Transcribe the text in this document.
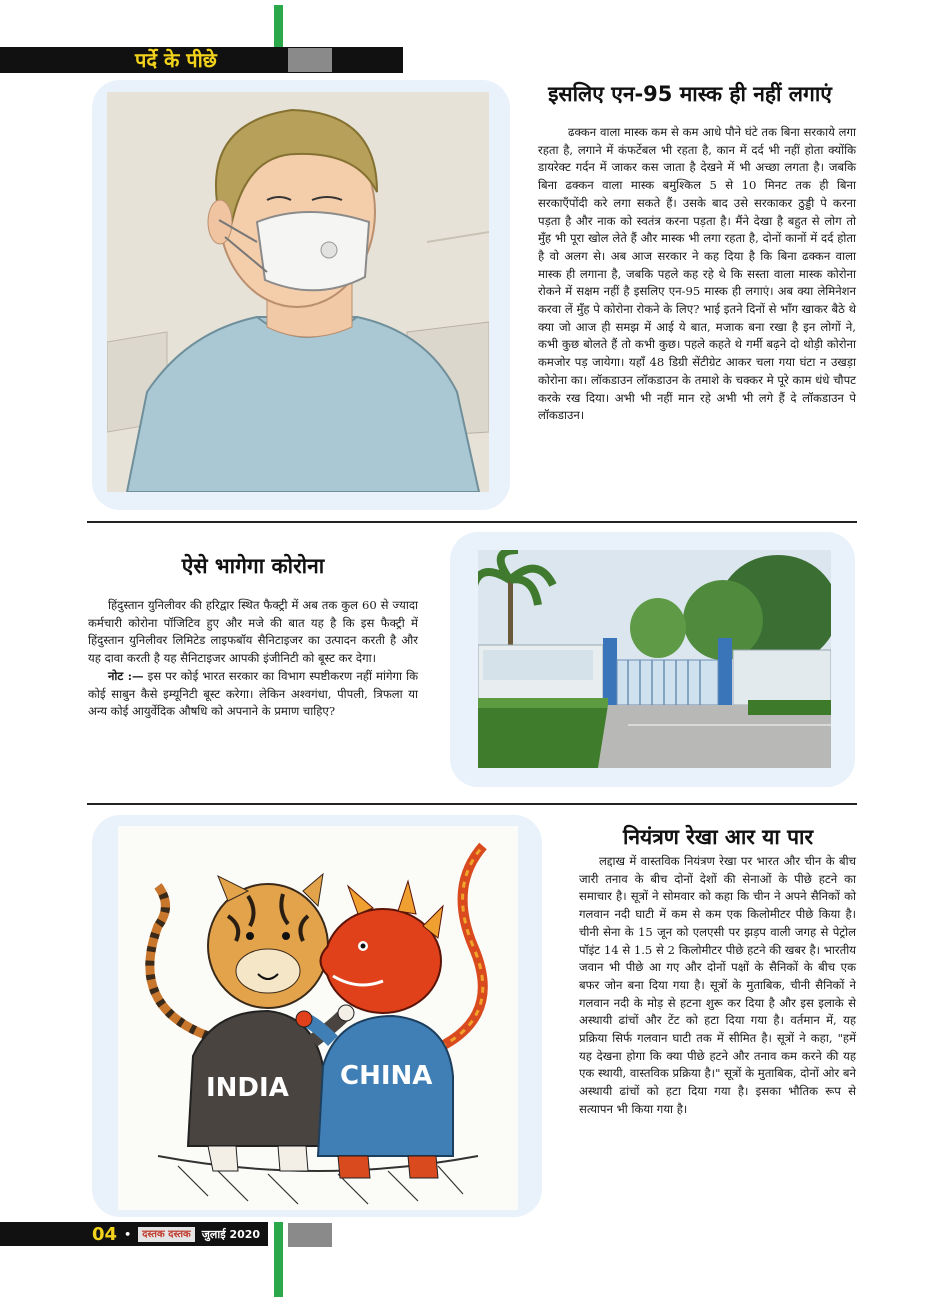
पर्दे के पीछे
इसलिए एन-95 मास्क ही नहीं लगाएं

ढक्कन वाला मास्क कम से कम आधे पौने घंटे तक बिना सरकाये लगा रहता है, लगाने में कंफर्टेबल भी रहता है, कान में दर्द भी नहीं होता क्योंकि डायरेक्ट गर्दन में जाकर कस जाता है देखने में भी अच्छा लगता है। जबकि बिना ढक्कन वाला मास्क बमुश्किल 5 से 10 मिनट तक ही बिना सरकाएँपोंदी करे लगा सकते हैं। उसके बाद उसे सरकाकर ठुड्डी पे करना पड़ता है और नाक को स्वतंत्र करना पड़ता है। मैंने देखा है बहुत से लोग तो मुँह भी पूरा खोल लेते हैं और मास्क भी लगा रहता है, दोनों कानों में दर्द होता है वो अलग से। अब आज सरकार ने कह दिया है कि बिना ढक्कन वाला मास्क ही लगाना है, जबकि पहले कह रहे थे कि सस्ता वाला मास्क कोरोना रोकने में सक्षम नहीं है इसलिए एन-95 मास्क ही लगाएं। अब क्या लेमिनेशन करवा लें मुँह पे कोरोना रोकने के लिए? भाई इतने दिनों से भाँग खाकर बैठे थे क्या जो आज ही समझ में आई ये बात, मजाक बना रखा है इन लोगों ने, कभी कुछ बोलते हैं तो कभी कुछ। पहले कहते थे गर्मी बढ़ने दो थोड़ी कोरोना कमजोर पड़ जायेगा। यहाँ 48 डिग्री सेंटीग्रेट आकर चला गया घंटा न उखड़ा कोरोना का। लॉकडाउन लॉकडाउन के तमाशे के चक्कर मे पूरे काम धंधे चौपट करके रख दिया। अभी भी नहीं मान रहे अभी भी लगे हैं दे लॉकडाउन पे लॉकडाउन।

ऐसे भागेगा कोरोना

हिंदुस्तान युनिलीवर की हरिद्वार स्थित फैक्ट्री में अब तक कुल 60 से ज्यादा कर्मचारी कोरोना पॉजिटिव हुए और मजे की बात यह है कि इस फैक्ट्री में हिंदुस्तान युनिलीवर लिमिटेड लाइफबॉय सैनिटाइजर का उत्पादन करती है और यह दावा करती है यह सैनिटाइजर आपकी इंजीनिटी को बूस्ट कर देगा।

नोट :— इस पर कोई भारत सरकार का विभाग स्पष्टीकरण नहीं मांगेगा कि कोई साबुन कैसे इम्यूनिटी बूस्ट करेगा। लेकिन अश्वगंधा, पीपली, त्रिफला या अन्य कोई आयुर्वेदिक औषधि को अपनाने के प्रमाण चाहिए?

INDIA CHINA
नियंत्रण रेखा आर या पार

लद्दाख में वास्तविक नियंत्रण रेखा पर भारत और चीन के बीच जारी तनाव के बीच दोनों देशों की सेनाओं के पीछे हटने का समाचार है। सूत्रों ने सोमवार को कहा कि चीन ने अपने सैनिकों को गलवान नदी घाटी में कम से कम एक किलोमीटर पीछे किया है। चीनी सेना के 15 जून को एलएसी पर झड़प वाली जगह से पेट्रोल पॉइंट 14 से 1.5 से 2 किलोमीटर पीछे हटने की खबर है। भारतीय जवान भी पीछे आ गए और दोनों पक्षों के सैनिकों के बीच एक बफर जोन बना दिया गया है। सूत्रों के मुताबिक, चीनी सैनिकों ने गलवान नदी के मोड़ से हटना शुरू कर दिया है और इस इलाके से अस्थायी ढांचों और टेंट को हटा दिया गया है। वर्तमान में, यह प्रक्रिया सिर्फ गलवान घाटी तक में सीमित है। सूत्रों ने कहा, "हमें यह देखना होगा कि क्या पीछे हटने और तनाव कम करने की यह एक स्थायी, वास्तविक प्रक्रिया है।" सूत्रों के मुताबिक, दोनों ओर बने अस्थायी ढांचों को हटा दिया गया है। इसका भौतिक रूप से सत्यापन भी किया गया है।

04 •	दस्तक दस्तक	जुलाई 2020
